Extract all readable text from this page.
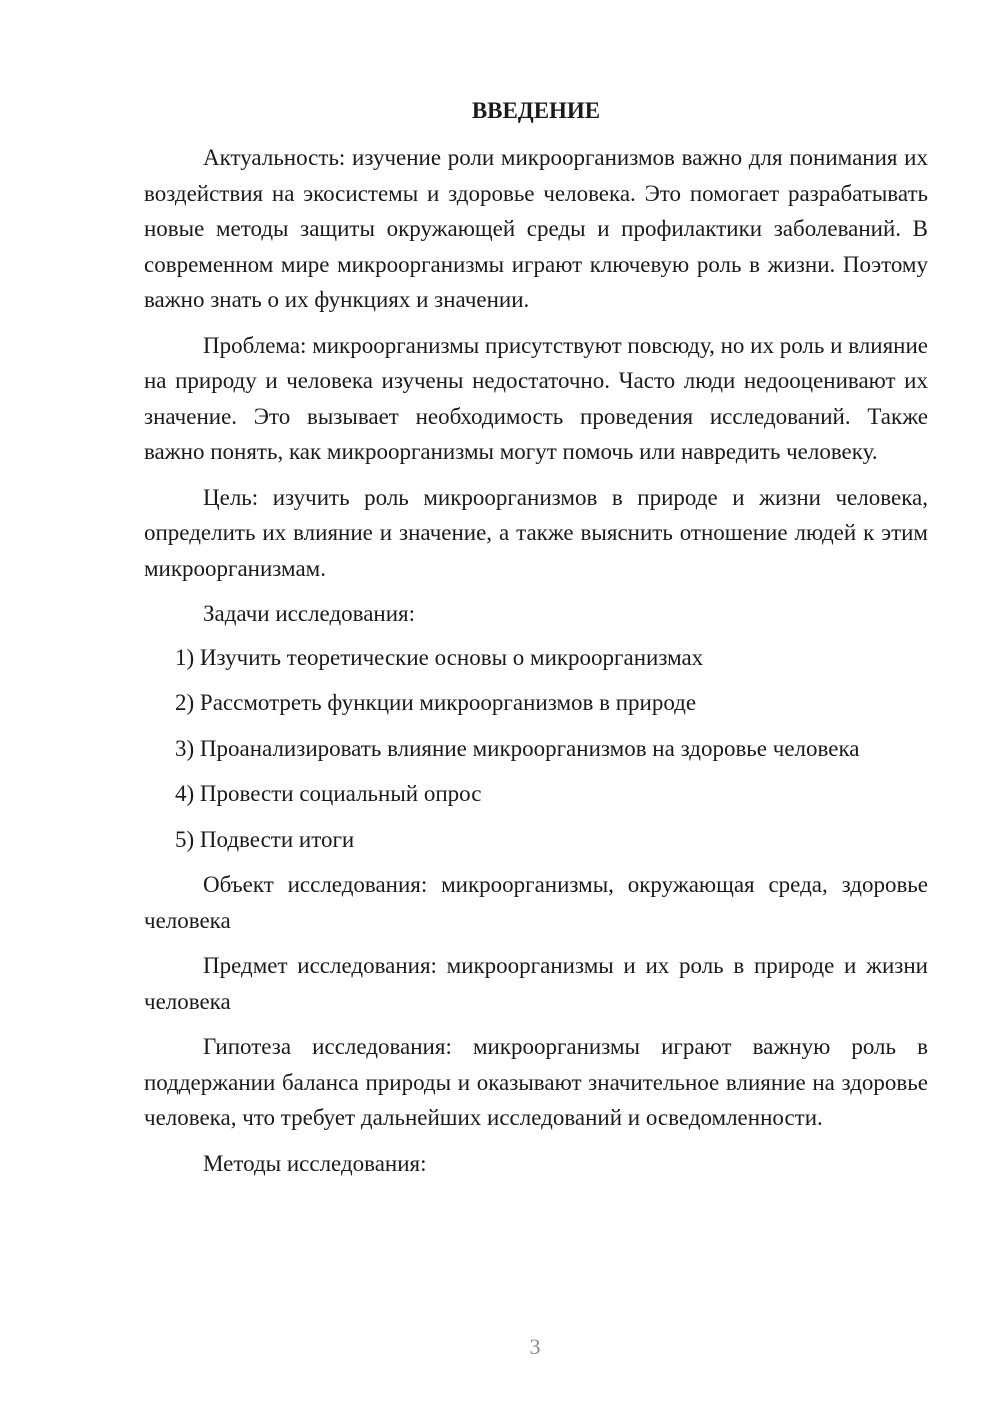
ВВЕДЕНИЕ

Актуальность: изучение роли микроорганизмов важно для понимания их воздействия на экосистемы и здоровье человека. Это помогает разрабатывать новые методы защиты окружающей среды и профилактики заболеваний. В современном мире микроорганизмы играют ключевую роль в жизни. Поэтому важно знать о их функциях и значении.

Проблема: микроорганизмы присутствуют повсюду, но их роль и влияние на природу и человека изучены недостаточно. Часто люди недооценивают их значение. Это вызывает необходимость проведения исследований. Также важно понять, как микроорганизмы могут помочь или навредить человеку.

Цель: изучить роль микроорганизмов в природе и жизни человека, определить их влияние и значение, а также выяснить отношение людей к этим микроорганизмам.

Задачи исследования:

1) Изучить теоретические основы о микроорганизмах
2) Рассмотреть функции микроорганизмов в природе
3) Проанализировать влияние микроорганизмов на здоровье человека
4) Провести социальный опрос
5) Подвести итоги

Объект исследования: микроорганизмы, окружающая среда, здоровье человека

Предмет исследования: микроорганизмы и их роль в природе и жизни человека

Гипотеза исследования: микроорганизмы играют важную роль в поддержании баланса природы и оказывают значительное влияние на здоровье человека, что требует дальнейших исследований и осведомленности.

Методы исследования:

3
